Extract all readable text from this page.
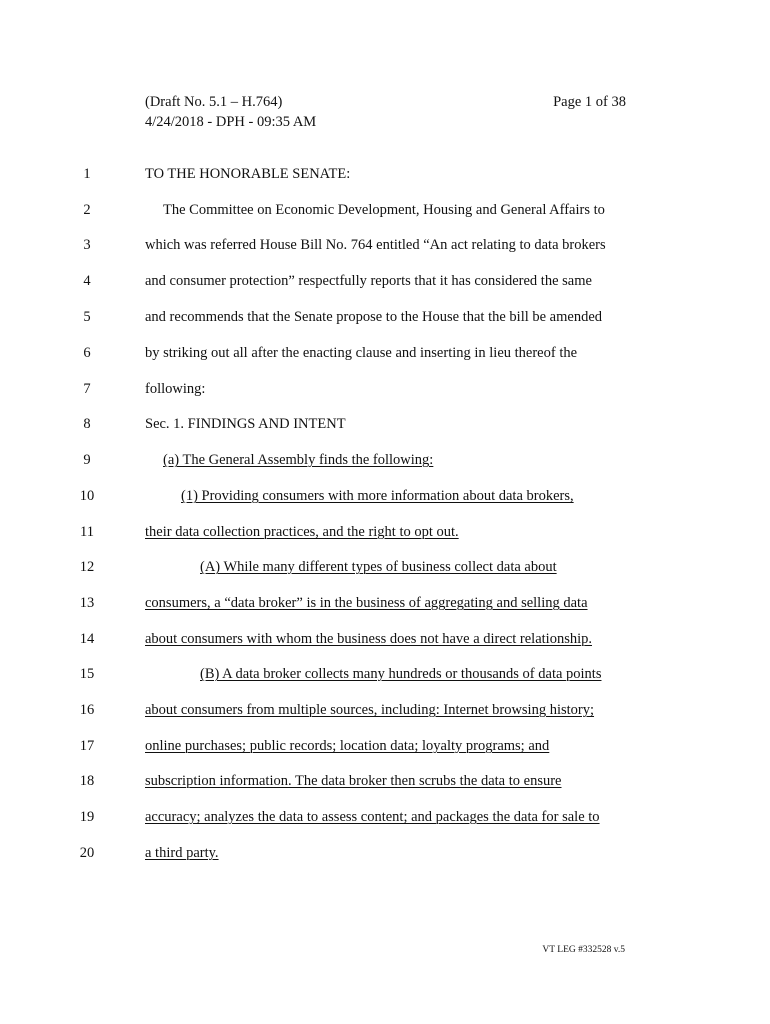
(Draft No. 5.1 – H.764)
4/24/2018 - DPH - 09:35 AM
Page 1 of 38
1	TO THE HONORABLE SENATE:
2	The Committee on Economic Development, Housing and General Affairs to
3	which was referred House Bill No. 764 entitled “An act relating to data brokers
4	and consumer protection” respectfully reports that it has considered the same
5	and recommends that the Senate propose to the House that the bill be amended
6	by striking out all after the enacting clause and inserting in lieu thereof the
7	following:
8	Sec. 1. FINDINGS AND INTENT
9	(a) The General Assembly finds the following:
10	(1) Providing consumers with more information about data brokers,
11	their data collection practices, and the right to opt out.
12	(A) While many different types of business collect data about
13	consumers, a “data broker” is in the business of aggregating and selling data
14	about consumers with whom the business does not have a direct relationship.
15	(B) A data broker collects many hundreds or thousands of data points
16	about consumers from multiple sources, including: Internet browsing history;
17	online purchases; public records; location data; loyalty programs; and
18	subscription information. The data broker then scrubs the data to ensure
19	accuracy; analyzes the data to assess content; and packages the data for sale to
20	a third party.
VT LEG #332528 v.5
